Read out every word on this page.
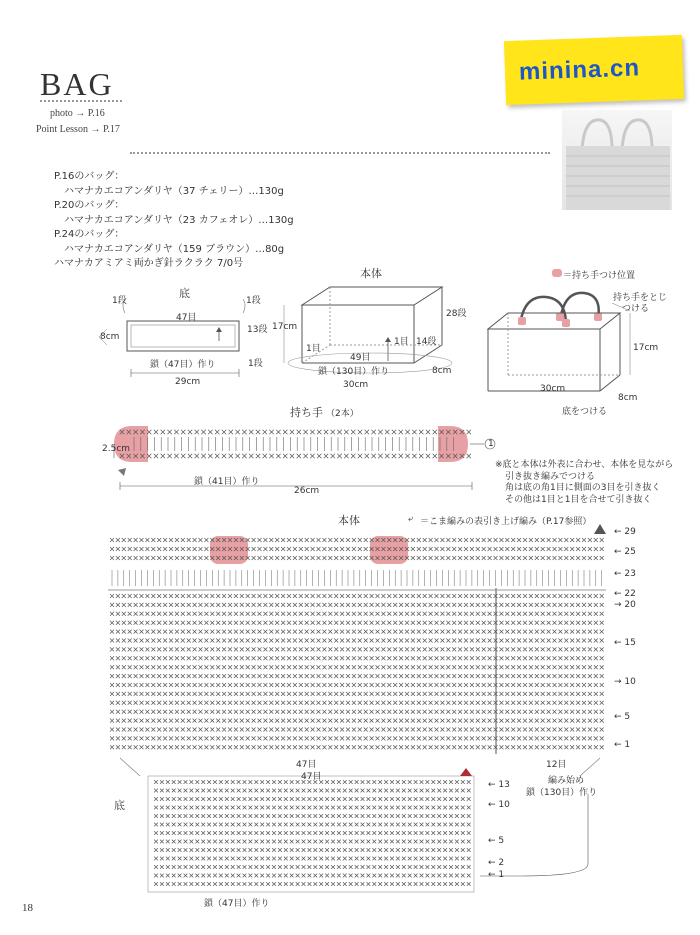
BAG
photo → P.16
Point Lesson → P.17
minina.cn
P.16のバッグ：
ハマナカエコアンダリヤ（37 チェリー）…130g
P.20のバッグ：
ハマナカエコアンダリヤ（23 カフェオレ）…130g
P.24のバッグ：
ハマナカエコアンダリヤ（159 ブラウン）…80g
ハマナカアミアミ両かぎ針ラクラク 7/0号
底
1段	1段
47目
8cm
13段
1段
鎖（47目）作り
29cm
本体
17cm
28段
14段
1目
1目
49目
鎖（130目）作り
30cm
8cm
＝持ち手つけ位置
持ち手をとじ
つける
17cm
30cm
8cm
底をつける
持ち手 （2本）
2.5cm
鎖（41目）作り
26cm
1
※底と本体は外表に合わせ、本体を見ながら
引き抜き編みでつける
角は底の角1目に側面の3目を引き抜く
その他は1目と1目を合せて引き抜く
本体	⤶ ＝こま編みの表引き上げ編み（P.17参照）
← 29
← 25
← 23
← 22
→ 20
← 15
→ 10
← 5
← 1
47目
47目
12目
編み始め
鎖（130目）作り
底
← 13
← 10
← 5
← 2
← 1
鎖（47目）作り
18
